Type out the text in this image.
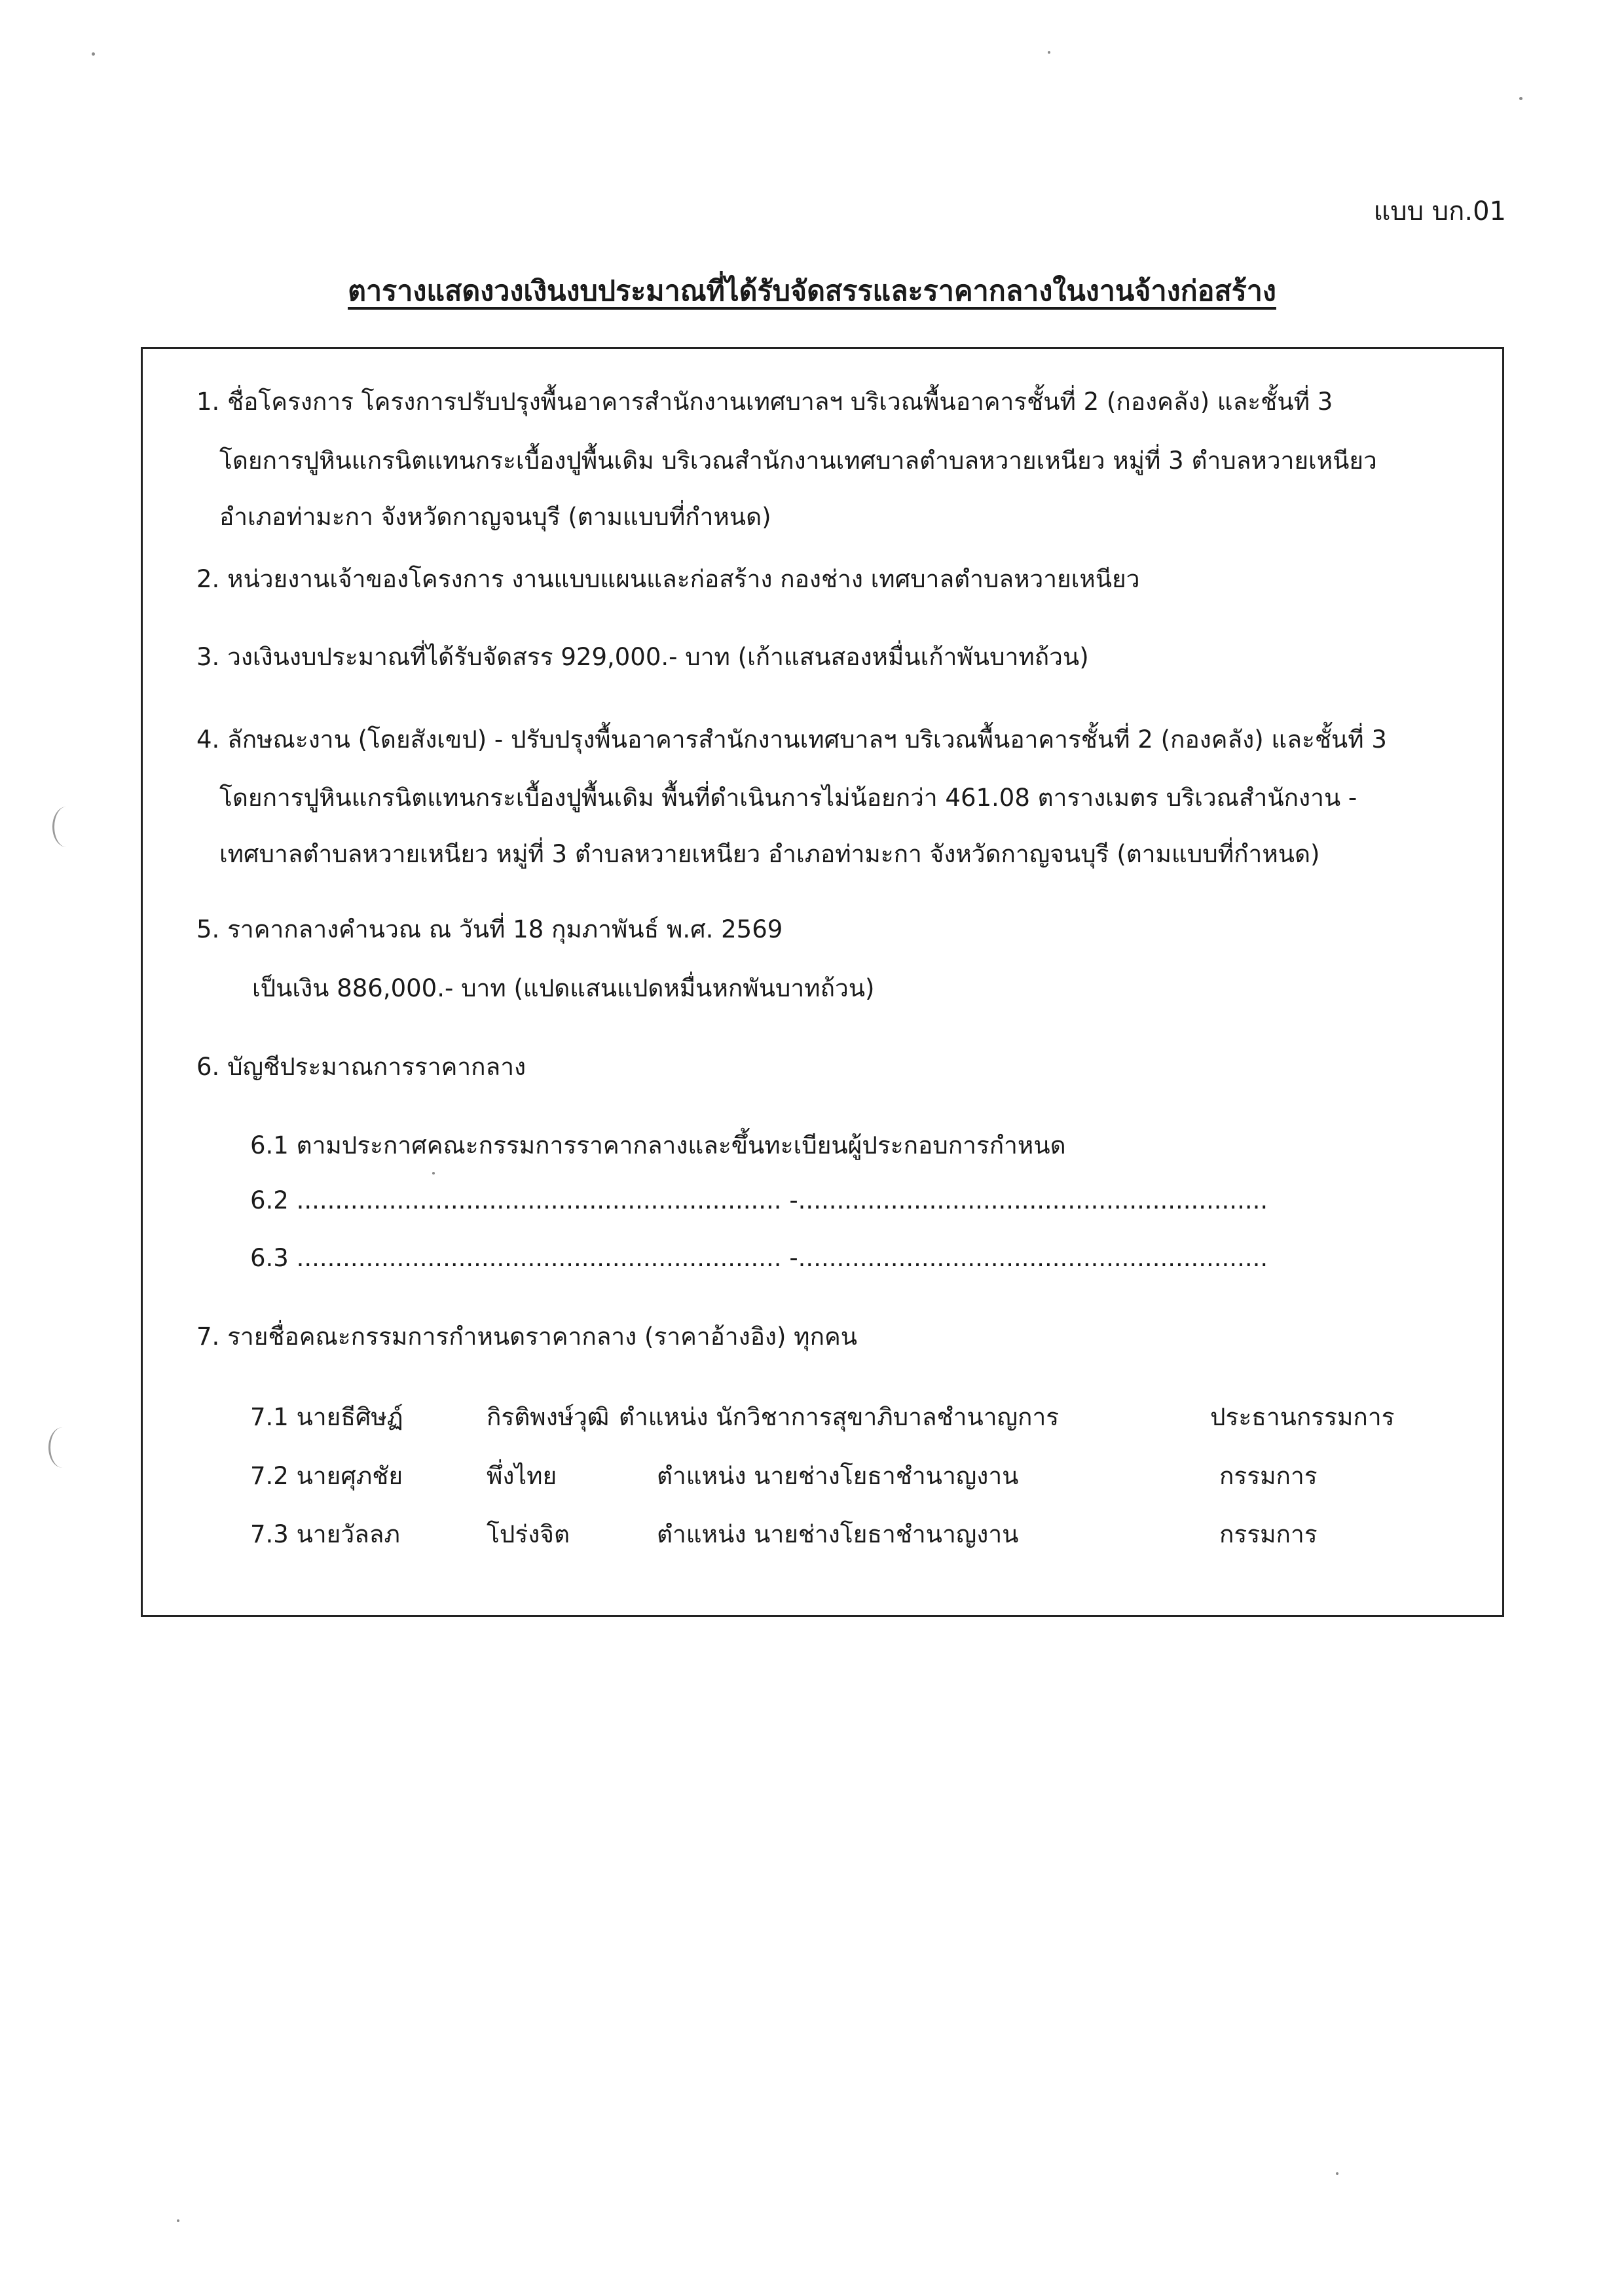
แบบ บก.01
ตารางแสดงวงเงินงบประมาณที่ได้รับจัดสรรและราคากลางในงานจ้างก่อสร้าง
1. ชื่อโครงการ โครงการปรับปรุงพื้นอาคารสำนักงานเทศบาลฯ บริเวณพื้นอาคารชั้นที่ 2 (กองคลัง) และชั้นที่ 3
โดยการปูหินแกรนิตแทนกระเบื้องปูพื้นเดิม บริเวณสำนักงานเทศบาลตำบลหวายเหนียว หมู่ที่ 3 ตำบลหวายเหนียว
อำเภอท่ามะกา จังหวัดกาญจนบุรี (ตามแบบที่กำหนด)
2. หน่วยงานเจ้าของโครงการ งานแบบแผนและก่อสร้าง กองช่าง เทศบาลตำบลหวายเหนียว
3. วงเงินงบประมาณที่ได้รับจัดสรร 929,000.- บาท (เก้าแสนสองหมื่นเก้าพันบาทถ้วน)
4. ลักษณะงาน (โดยสังเขป) - ปรับปรุงพื้นอาคารสำนักงานเทศบาลฯ บริเวณพื้นอาคารชั้นที่ 2 (กองคลัง) และชั้นที่ 3
โดยการปูหินแกรนิตแทนกระเบื้องปูพื้นเดิม พื้นที่ดำเนินการไม่น้อยกว่า 461.08 ตารางเมตร บริเวณสำนักงาน -
เทศบาลตำบลหวายเหนียว หมู่ที่ 3 ตำบลหวายเหนียว อำเภอท่ามะกา จังหวัดกาญจนบุรี (ตามแบบที่กำหนด)
5. ราคากลางคำนวณ ณ วันที่ 18 กุมภาพันธ์ พ.ศ. 2569
เป็นเงิน 886,000.- บาท (แปดแสนแปดหมื่นหกพันบาทถ้วน)
6. บัญชีประมาณการราคากลาง
6.1 ตามประกาศคณะกรรมการราคากลางและขึ้นทะเบียนผู้ประกอบการกำหนด
6.2 ............................................................... -.............................................................
6.3 ............................................................... -.............................................................
7. รายชื่อคณะกรรมการกำหนดราคากลาง (ราคาอ้างอิง) ทุกคน
7.1 นายธีศิษฏ์	กิรติพงษ์วุฒิ ตำแหน่ง นักวิชาการสุขาภิบาลชำนาญการ	ประธานกรรมการ
7.2 นายศุภชัย	พึ่งไทย	ตำแหน่ง นายช่างโยธาชำนาญงาน	กรรมการ
7.3 นายวัลลภ	โปร่งจิต	ตำแหน่ง นายช่างโยธาชำนาญงาน	กรรมการ
